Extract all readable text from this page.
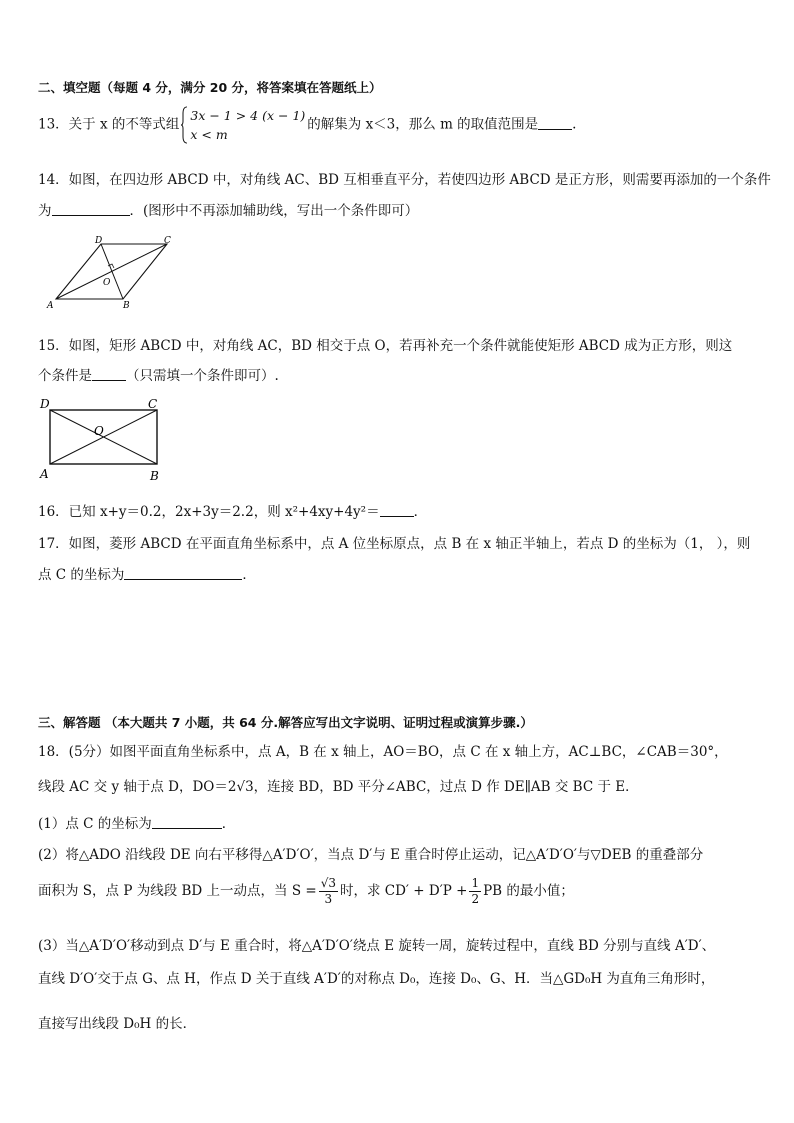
二、填空题（每题 4 分，满分 20 分，将答案填在答题纸上）
13．关于 x 的不等式组
3x − 1 > 4 (x − 1)
x < m
的解集为 x＜3，那么 m 的取值范围是	.
14．如图，在四边形 ABCD 中，对角线 AC、BD 互相垂直平分，若使四边形 ABCD 是正方形，则需要再添加的一个条件
为	．(图形中不再添加辅助线，写出一个条件即可）
A	B
C
D
O
15．如图，矩形 ABCD 中，对角线 AC，BD 相交于点 O，若再补充一个条件就能使矩形 ABCD 成为正方形，则这
个条件是	（只需填一个条件即可）.
A	B
C
D
O
16．已知 x+y＝0.2，2x+3y＝2.2，则 x²+4xy+4y²＝	．
17．如图，菱形 ABCD 在平面直角坐标系中，点 A 位坐标原点，点 B 在 x 轴正半轴上，若点 D 的坐标为（1， ），则
点 C 的坐标为	．
三、解答题 （本大题共 7 小题，共 64 分.解答应写出文字说明、证明过程或演算步骤.）
18．(5分）如图平面直角坐标系中，点 A，B 在 x 轴上，AO＝BO，点 C 在 x 轴上方，AC⊥BC，∠CAB＝30°，
线段 AC 交 y 轴于点 D，DO＝2√3，连接 BD，BD 平分∠ABC，过点 D 作 DE∥AB 交 BC 于 E．
(1）点 C 的坐标为	．
(2）将△ADO 沿线段 DE 向右平移得△A′D′O′，当点 D′与 E 重合时停止运动，记△A′D′O′与▽DEB 的重叠部分
面积为 S，点 P 为线段 BD 上一动点，当 $S = \frac{√3}{3}$ 时，求 $CD' + D'P + \frac{1}{2}$ PB 的最小值；
(3）当△A′D′O′移动到点 D′与 E 重合时，将△A′D′O′绕点 E 旋转一周，旋转过程中，直线 BD 分别与直线 A′D′、
直线 D′O′交于点 G、点 H，作点 D 关于直线 A′D′的对称点 D₀，连接 D₀、G、H．当△GD₀H 为直角三角形时，
直接写出线段 D₀H 的长．
